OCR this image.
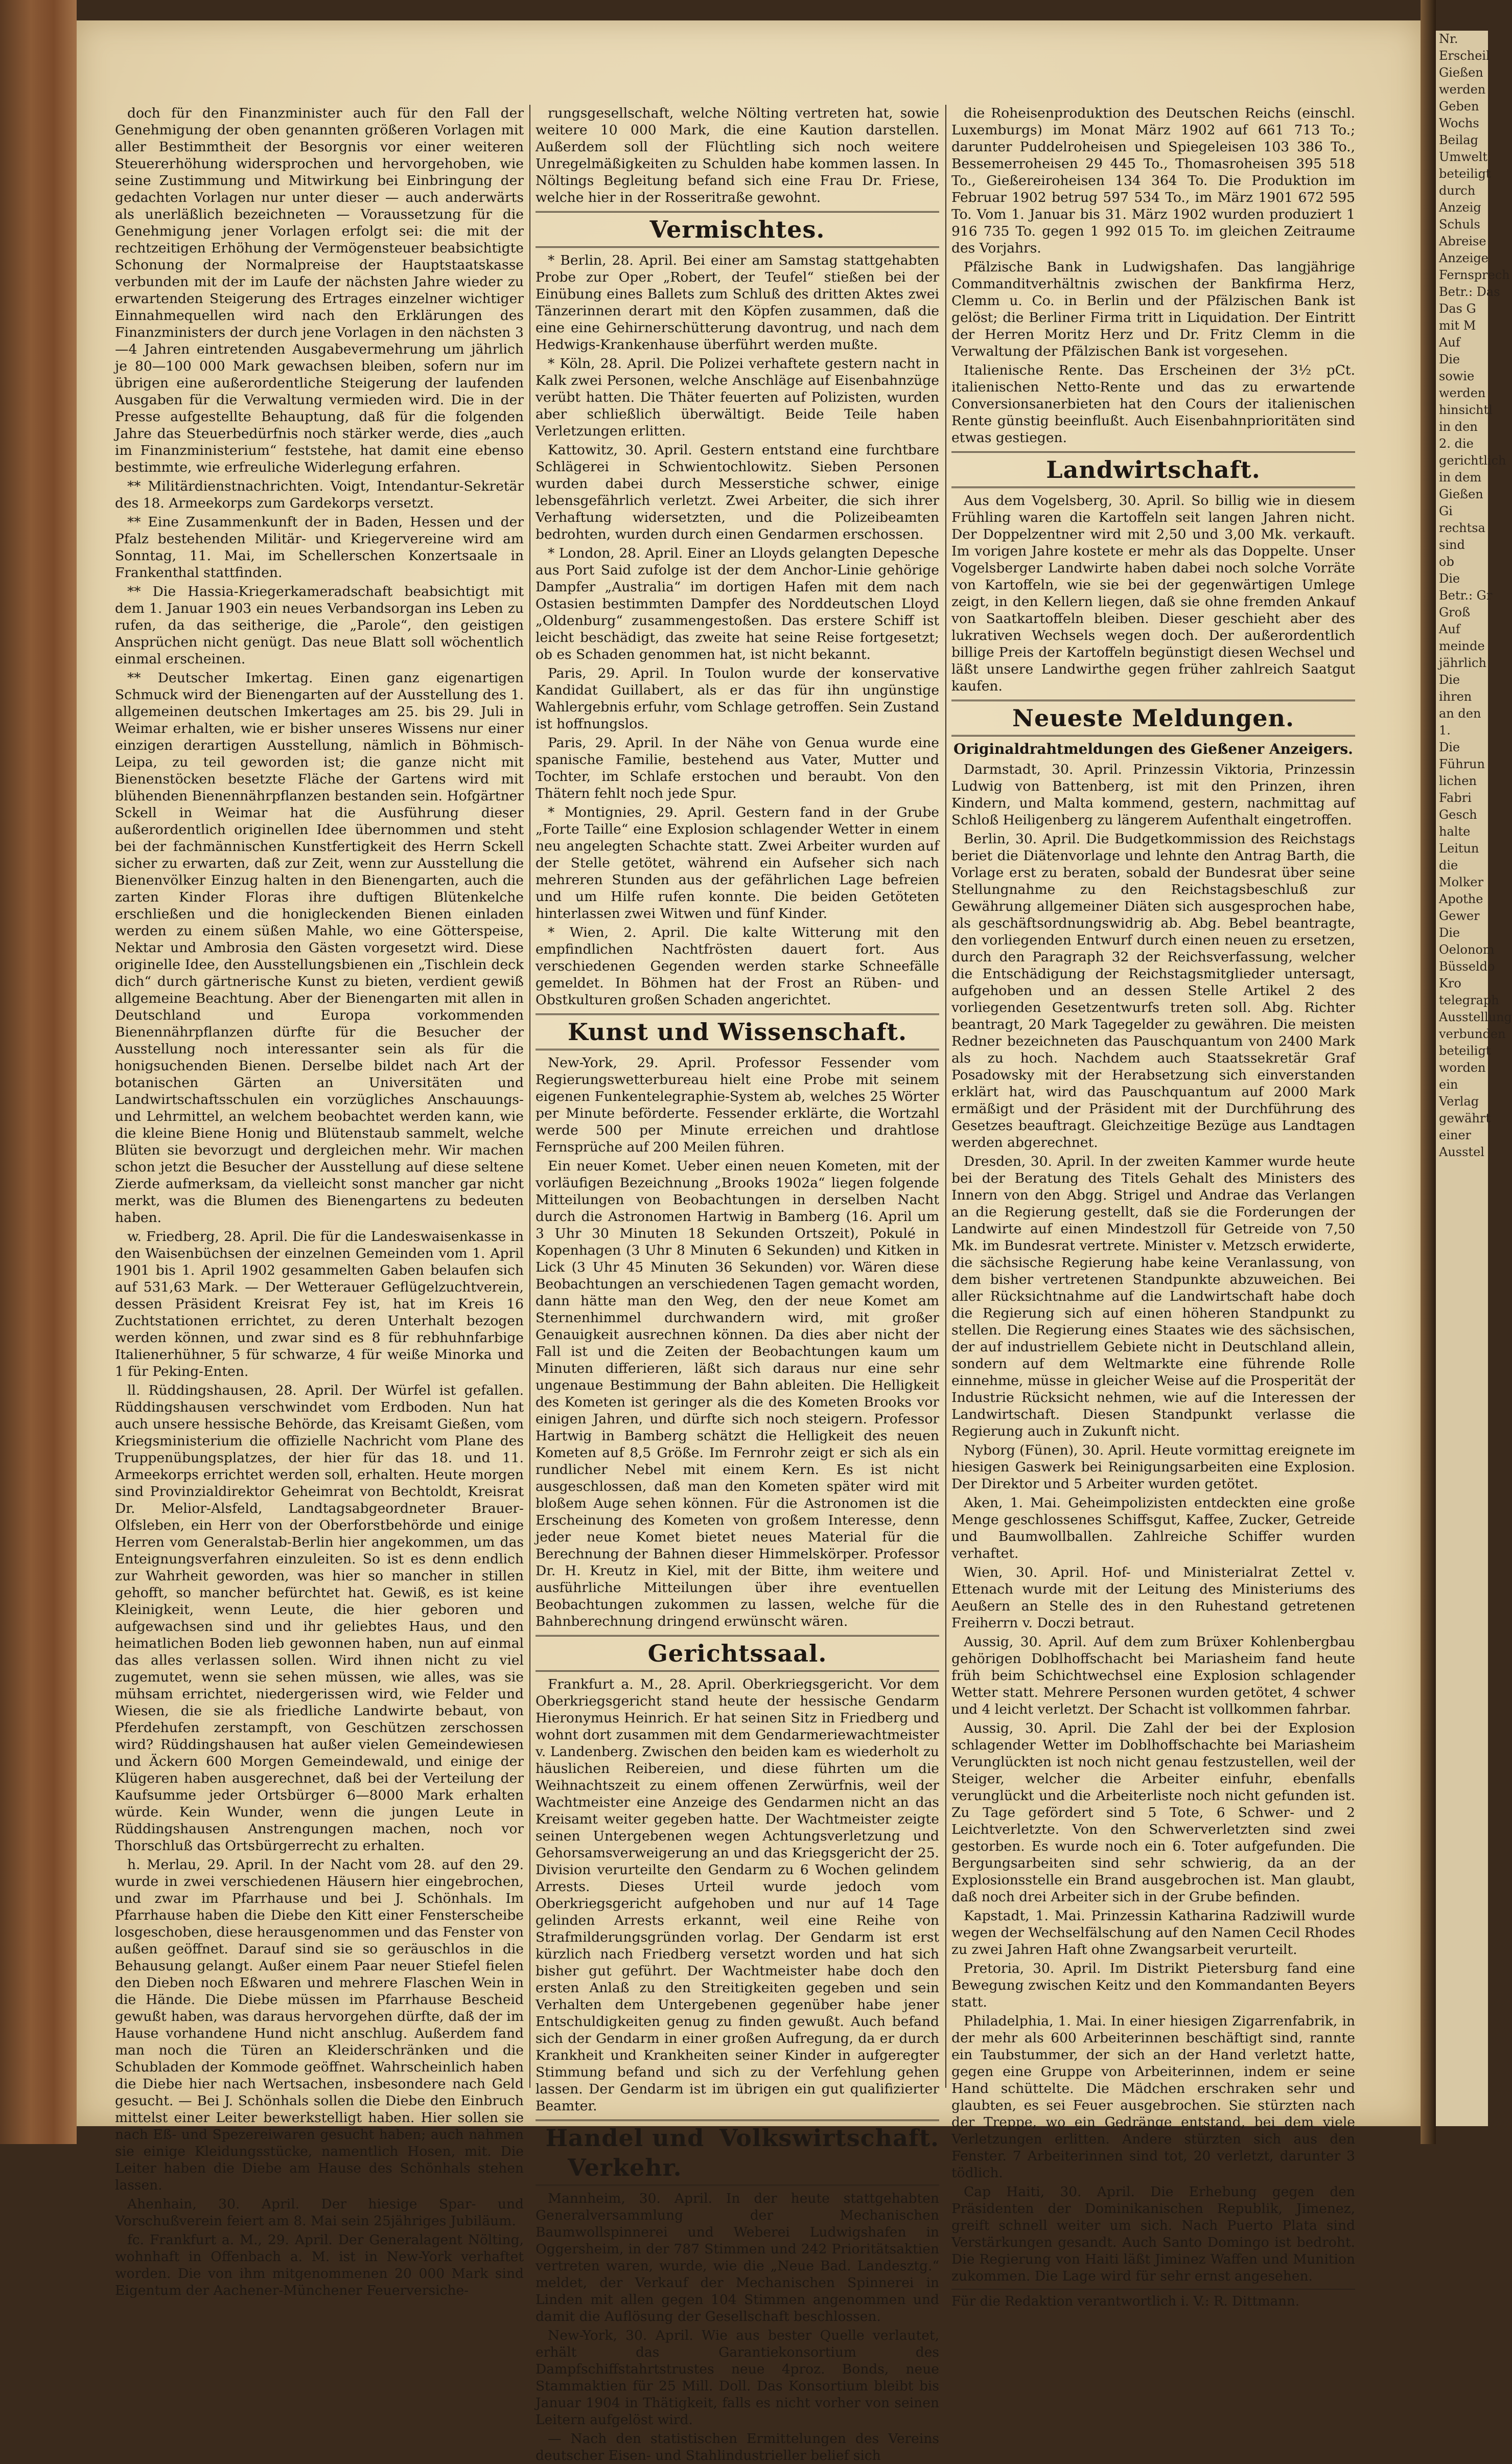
doch für den Finanzminister auch für den Fall der Genehmigung der oben genannten größeren Vorlagen mit aller Bestimmtheit der Besorgnis vor einer weiteren Steuererhöhung widersprochen und hervorgehoben, wie seine Zustimmung und Mitwirkung bei Einbringung der gedachten Vorlagen nur unter dieser — auch anderwärts als unerläßlich bezeichneten — Voraussetzung für die Genehmigung jener Vorlagen erfolgt sei: die mit der rechtzeitigen Erhöhung der Vermögensteuer beabsichtigte Schonung der Normalpreise der Hauptstaatskasse verbunden mit der im Laufe der nächsten Jahre wieder zu erwartenden Steigerung des Ertrages einzelner wichtiger Einnahmequellen wird nach den Erklärungen des Finanzministers der durch jene Vorlagen in den nächsten 3—4 Jahren eintretenden Ausgabevermehrung um jährlich je 80—100 000 Mark gewachsen bleiben, sofern nur im übrigen eine außerordentliche Steigerung der laufenden Ausgaben für die Verwaltung vermieden wird. Die in der Presse aufgestellte Behauptung, daß für die folgenden Jahre das Steuerbedürfnis noch stärker werde, dies „auch im Finanzministerium“ feststehe, hat damit eine ebenso bestimmte, wie erfreuliche Widerlegung erfahren.

** Militärdienstnachrichten. Voigt, Intendantur-Sekretär des 18. Armeekorps zum Gardekorps versetzt.

** Eine Zusammenkunft der in Baden, Hessen und der Pfalz bestehenden Militär- und Kriegervereine wird am Sonntag, 11. Mai, im Schellerschen Konzertsaale in Frankenthal stattfinden.

** Die Hassia-Kriegerkameradschaft beabsichtigt mit dem 1. Januar 1903 ein neues Verbandsorgan ins Leben zu rufen, da das seitherige, die „Parole“, den geistigen Ansprüchen nicht genügt. Das neue Blatt soll wöchentlich einmal erscheinen.

** Deutscher Imkertag. Einen ganz eigenartigen Schmuck wird der Bienengarten auf der Ausstellung des 1. allgemeinen deutschen Imkertages am 25. bis 29. Juli in Weimar erhalten, wie er bisher unseres Wissens nur einer einzigen derartigen Ausstellung, nämlich in Böhmisch-Leipa, zu teil geworden ist; die ganze nicht mit Bienenstöcken besetzte Fläche der Gartens wird mit blühenden Bienennährpflanzen bestanden sein. Hofgärtner Sckell in Weimar hat die Ausführung dieser außerordentlich originellen Idee übernommen und steht bei der fachmännischen Kunstfertigkeit des Herrn Sckell sicher zu erwarten, daß zur Zeit, wenn zur Ausstellung die Bienenvölker Einzug halten in den Bienengarten, auch die zarten Kinder Floras ihre duftigen Blütenkelche erschließen und die honigleckenden Bienen einladen werden zu einem süßen Mahle, wo eine Götterspeise, Nektar und Ambrosia den Gästen vorgesetzt wird. Diese originelle Idee, den Ausstellungsbienen ein „Tischlein deck dich“ durch gärtnerische Kunst zu bieten, verdient gewiß allgemeine Beachtung. Aber der Bienengarten mit allen in Deutschland und Europa vorkommenden Bienennährpflanzen dürfte für die Besucher der Ausstellung noch interessanter sein als für die honigsuchenden Bienen. Derselbe bildet nach Art der botanischen Gärten an Universitäten und Landwirtschaftsschulen ein vorzügliches Anschauungs- und Lehrmittel, an welchem beobachtet werden kann, wie die kleine Biene Honig und Blütenstaub sammelt, welche Blüten sie bevorzugt und dergleichen mehr. Wir machen schon jetzt die Besucher der Ausstellung auf diese seltene Zierde aufmerksam, da vielleicht sonst mancher gar nicht merkt, was die Blumen des Bienengartens zu bedeuten haben.

w. Friedberg, 28. April. Die für die Landeswaisenkasse in den Waisenbüchsen der einzelnen Gemeinden vom 1. April 1901 bis 1. April 1902 gesammelten Gaben belaufen sich auf 531,63 Mark. — Der Wetterauer Geflügelzuchtverein, dessen Präsident Kreisrat Fey ist, hat im Kreis 16 Zuchtstationen errichtet, zu deren Unterhalt bezogen werden können, und zwar sind es 8 für rebhuhnfarbige Italienerhühner, 5 für schwarze, 4 für weiße Minorka und 1 für Peking-Enten.

ll. Rüddingshausen, 28. April. Der Würfel ist gefallen. Rüddingshausen verschwindet vom Erdboden. Nun hat auch unsere hessische Behörde, das Kreisamt Gießen, vom Kriegsministerium die offizielle Nachricht vom Plane des Truppenübungsplatzes, der hier für das 18. und 11. Armeekorps errichtet werden soll, erhalten. Heute morgen sind Provinzialdirektor Geheimrat von Bechtoldt, Kreisrat Dr. Melior-Alsfeld, Landtagsabgeordneter Brauer-Olfsleben, ein Herr von der Oberforstbehörde und einige Herren vom Generalstab-Berlin hier angekommen, um das Enteignungsverfahren einzuleiten. So ist es denn endlich zur Wahrheit geworden, was hier so mancher in stillen gehofft, so mancher befürchtet hat. Gewiß, es ist keine Kleinigkeit, wenn Leute, die hier geboren und aufgewachsen sind und ihr geliebtes Haus, und den heimatlichen Boden lieb gewonnen haben, nun auf einmal das alles verlassen sollen. Wird ihnen nicht zu viel zugemutet, wenn sie sehen müssen, wie alles, was sie mühsam errichtet, niedergerissen wird, wie Felder und Wiesen, die sie als friedliche Landwirte bebaut, von Pferdehufen zerstampft, von Geschützen zerschossen wird? Rüddingshausen hat außer vielen Gemeindewiesen und Äckern 600 Morgen Gemeindewald, und einige der Klügeren haben ausgerechnet, daß bei der Verteilung der Kaufsumme jeder Ortsbürger 6—8000 Mark erhalten würde. Kein Wunder, wenn die jungen Leute in Rüddingshausen Anstrengungen machen, noch vor Thorschluß das Ortsbürgerrecht zu erhalten.

h. Merlau, 29. April. In der Nacht vom 28. auf den 29. wurde in zwei verschiedenen Häusern hier eingebrochen, und zwar im Pfarrhause und bei J. Schönhals. Im Pfarrhause haben die Diebe den Kitt einer Fensterscheibe losgeschoben, diese herausgenommen und das Fenster von außen geöffnet. Darauf sind sie so geräuschlos in die Behausung gelangt. Außer einem Paar neuer Stiefel fielen den Dieben noch Eßwaren und mehrere Flaschen Wein in die Hände. Die Diebe müssen im Pfarrhause Bescheid gewußt haben, was daraus hervorgehen dürfte, daß der im Hause vorhandene Hund nicht anschlug. Außerdem fand man noch die Türen an Kleiderschränken und die Schubladen der Kommode geöffnet. Wahrscheinlich haben die Diebe hier nach Wertsachen, insbesondere nach Geld gesucht. — Bei J. Schönhals sollen die Diebe den Einbruch mittelst einer Leiter bewerkstelligt haben. Hier sollen sie nach Eß- und Spezereiwaren gesucht haben; auch nahmen sie einige Kleidungsstücke, namentlich Hosen, mit. Die Leiter haben die Diebe am Hause des Schönhals stehen lassen.

Ahenhain, 30. April. Der hiesige Spar- und Vorschußverein feiert am 8. Mai sein 25jähriges Jubiläum.

fc. Frankfurt a. M., 29. April. Der Generalagent Nölting, wohnhaft in Offenbach a. M. ist in New-York verhaftet worden. Die von ihm mitgenommenen 20 000 Mark sind Eigentum der Aachener-Münchener Feuerversiche-

rungsgesellschaft, welche Nölting vertreten hat, sowie weitere 10 000 Mark, die eine Kaution darstellen. Außerdem soll der Flüchtling sich noch weitere Unregelmäßigkeiten zu Schulden habe kommen lassen. In Nöltings Begleitung befand sich eine Frau Dr. Friese, welche hier in der Rosseritraße gewohnt.

Vermischtes.

* Berlin, 28. April. Bei einer am Samstag stattgehabten Probe zur Oper „Robert, der Teufel“ stießen bei der Einübung eines Ballets zum Schluß des dritten Aktes zwei Tänzerinnen derart mit den Köpfen zusammen, daß die eine eine Gehirnerschütterung davontrug, und nach dem Hedwigs-Krankenhause überführt werden mußte.

* Köln, 28. April. Die Polizei verhaftete gestern nacht in Kalk zwei Personen, welche Anschläge auf Eisenbahnzüge verübt hatten. Die Thäter feuerten auf Polizisten, wurden aber schließlich überwältigt. Beide Teile haben Verletzungen erlitten.

Kattowitz, 30. April. Gestern entstand eine furchtbare Schlägerei in Schwientochlowitz. Sieben Personen wurden dabei durch Messerstiche schwer, einige lebensgefährlich verletzt. Zwei Arbeiter, die sich ihrer Verhaftung widersetzten, und die Polizeibeamten bedrohten, wurden durch einen Gendarmen erschossen.

* London, 28. April. Einer an Lloyds gelangten Depesche aus Port Said zufolge ist der dem Anchor-Linie gehörige Dampfer „Australia“ im dortigen Hafen mit dem nach Ostasien bestimmten Dampfer des Norddeutschen Lloyd „Oldenburg“ zusammengestoßen. Das erstere Schiff ist leicht beschädigt, das zweite hat seine Reise fortgesetzt; ob es Schaden genommen hat, ist nicht bekannt.

Paris, 29. April. In Toulon wurde der konservative Kandidat Guillabert, als er das für ihn ungünstige Wahlergebnis erfuhr, vom Schlage getroffen. Sein Zustand ist hoffnungslos.

Paris, 29. April. In der Nähe von Genua wurde eine spanische Familie, bestehend aus Vater, Mutter und Tochter, im Schlafe erstochen und beraubt. Von den Thätern fehlt noch jede Spur.

* Montignies, 29. April. Gestern fand in der Grube „Forte Taille“ eine Explosion schlagender Wetter in einem neu angelegten Schachte statt. Zwei Arbeiter wurden auf der Stelle getötet, während ein Aufseher sich nach mehreren Stunden aus der gefährlichen Lage befreien und um Hilfe rufen konnte. Die beiden Getöteten hinterlassen zwei Witwen und fünf Kinder.

* Wien, 2. April. Die kalte Witterung mit den empfindlichen Nachtfrösten dauert fort. Aus verschiedenen Gegenden werden starke Schneefälle gemeldet. In Böhmen hat der Frost an Rüben- und Obstkulturen großen Schaden angerichtet.

Kunst und Wissenschaft.

New-York, 29. April. Professor Fessender vom Regierungswetterbureau hielt eine Probe mit seinem eigenen Funkentelegraphie-System ab, welches 25 Wörter per Minute beförderte. Fessender erklärte, die Wortzahl werde 500 per Minute erreichen und drahtlose Fernsprüche auf 200 Meilen führen.

Ein neuer Komet. Ueber einen neuen Kometen, mit der vorläufigen Bezeichnung „Brooks 1902a“ liegen folgende Mitteilungen von Beobachtungen in derselben Nacht durch die Astronomen Hartwig in Bamberg (16. April um 3 Uhr 30 Minuten 18 Sekunden Ortszeit), Pokulé in Kopenhagen (3 Uhr 8 Minuten 6 Sekunden) und Kitken in Lick (3 Uhr 45 Minuten 36 Sekunden) vor. Wären diese Beobachtungen an verschiedenen Tagen gemacht worden, dann hätte man den Weg, den der neue Komet am Sternenhimmel durchwandern wird, mit großer Genauigkeit ausrechnen können. Da dies aber nicht der Fall ist und die Zeiten der Beobachtungen kaum um Minuten differieren, läßt sich daraus nur eine sehr ungenaue Bestimmung der Bahn ableiten. Die Helligkeit des Kometen ist geringer als die des Kometen Brooks vor einigen Jahren, und dürfte sich noch steigern. Professor Hartwig in Bamberg schätzt die Helligkeit des neuen Kometen auf 8,5 Größe. Im Fernrohr zeigt er sich als ein rundlicher Nebel mit einem Kern. Es ist nicht ausgeschlossen, daß man den Kometen später wird mit bloßem Auge sehen können. Für die Astronomen ist die Erscheinung des Kometen von großem Interesse, denn jeder neue Komet bietet neues Material für die Berechnung der Bahnen dieser Himmelskörper. Professor Dr. H. Kreutz in Kiel, mit der Bitte, ihm weitere und ausführliche Mitteilungen über ihre eventuellen Beobachtungen zukommen zu lassen, welche für die Bahnberechnung dringend erwünscht wären.

Gerichtssaal.

Frankfurt a. M., 28. April. Oberkriegsgericht. Vor dem Oberkriegsgericht stand heute der hessische Gendarm Hieronymus Heinrich. Er hat seinen Sitz in Friedberg und wohnt dort zusammen mit dem Gendarmeriewachtmeister v. Landenberg. Zwischen den beiden kam es wiederholt zu häuslichen Reibereien, und diese führten um die Weihnachtszeit zu einem offenen Zerwürfnis, weil der Wachtmeister eine Anzeige des Gendarmen nicht an das Kreisamt weiter gegeben hatte. Der Wachtmeister zeigte seinen Untergebenen wegen Achtungsverletzung und Gehorsamsverweigerung an und das Kriegsgericht der 25. Division verurteilte den Gendarm zu 6 Wochen gelindem Arrests. Dieses Urteil wurde jedoch vom Oberkriegsgericht aufgehoben und nur auf 14 Tage gelinden Arrests erkannt, weil eine Reihe von Strafmilderungsgründen vorlag. Der Gendarm ist erst kürzlich nach Friedberg versetzt worden und hat sich bisher gut geführt. Der Wachtmeister habe doch den ersten Anlaß zu den Streitigkeiten gegeben und sein Verhalten dem Untergebenen gegenüber habe jener Entschuldigkeiten genug zu finden gewußt. Auch befand sich der Gendarm in einer großen Aufregung, da er durch Krankheit und Krankheiten seiner Kinder in aufgeregter Stimmung befand und sich zu der Verfehlung gehen lassen. Der Gendarm ist im übrigen ein gut qualifizierter Beamter.

Handel und Verkehr.
Volkswirtschaft.

Mannheim, 30. April. In der heute stattgehabten Generalversammlung der Mechanischen Baumwollspinnerei und Weberei Ludwigshafen in Oggersheim, in der 787 Stimmen und 242 Prioritätsaktien vertreten waren, wurde, wie die „Neue Bad. Landesztg.“ meldet, der Verkauf der Mechanischen Spinnerei in Linden mit allen gegen 104 Stimmen angenommen und damit die Auflösung der Gesellschaft beschlossen.

New-York, 30. April. Wie aus bester Quelle verlautet, erhält das Garantiekonsortium des Dampfschiffstahrtstrustes neue 4proz. Bonds, neue Stammaktien für 25 Mill. Doll. Das Konsortium bleibt bis Januar 1904 in Thätigkeit, falls es nicht vorher von seinen Leitern aufgelöst wird.

— Nach den statistischen Ermittelungen des Vereins deutscher Eisen- und Stahlindustrieller belief sich

die Roheisenproduktion des Deutschen Reichs (einschl. Luxemburgs) im Monat März 1902 auf 661 713 To.; darunter Puddelroheisen und Spiegeleisen 103 386 To., Bessemerroheisen 29 445 To., Thomasroheisen 395 518 To., Gießereiroheisen 134 364 To. Die Produktion im Februar 1902 betrug 597 534 To., im März 1901 672 595 To. Vom 1. Januar bis 31. März 1902 wurden produziert 1 916 735 To. gegen 1 992 015 To. im gleichen Zeitraume des Vorjahrs.

Pfälzische Bank in Ludwigshafen. Das langjährige Commanditverhältnis zwischen der Bankfirma Herz, Clemm u. Co. in Berlin und der Pfälzischen Bank ist gelöst; die Berliner Firma tritt in Liquidation. Der Eintritt der Herren Moritz Herz und Dr. Fritz Clemm in die Verwaltung der Pfälzischen Bank ist vorgesehen.

Italienische Rente. Das Erscheinen der 3½ pCt. italienischen Netto-Rente und das zu erwartende Conversionsanerbieten hat den Cours der italienischen Rente günstig beeinflußt. Auch Eisenbahnprioritäten sind etwas gestiegen.

Landwirtschaft.

Aus dem Vogelsberg, 30. April. So billig wie in diesem Frühling waren die Kartoffeln seit langen Jahren nicht. Der Doppelzentner wird mit 2,50 und 3,00 Mk. verkauft. Im vorigen Jahre kostete er mehr als das Doppelte. Unser Vogelsberger Landwirte haben dabei noch solche Vorräte von Kartoffeln, wie sie bei der gegenwärtigen Umlege zeigt, in den Kellern liegen, daß sie ohne fremden Ankauf von Saatkartoffeln bleiben. Dieser geschieht aber des lukrativen Wechsels wegen doch. Der außerordentlich billige Preis der Kartoffeln begünstigt diesen Wechsel und läßt unsere Landwirthe gegen früher zahlreich Saatgut kaufen.

Neueste Meldungen.
Originaldrahtmeldungen des Gießener Anzeigers.

Darmstadt, 30. April. Prinzessin Viktoria, Prinzessin Ludwig von Battenberg, ist mit den Prinzen, ihren Kindern, und Malta kommend, gestern, nachmittag auf Schloß Heiligenberg zu längerem Aufenthalt eingetroffen.

Berlin, 30. April. Die Budgetkommission des Reichstags beriet die Diätenvorlage und lehnte den Antrag Barth, die Vorlage erst zu beraten, sobald der Bundesrat über seine Stellungnahme zu den Reichstagsbeschluß zur Gewährung allgemeiner Diäten sich ausgesprochen habe, als geschäftsordnungswidrig ab. Abg. Bebel beantragte, den vorliegenden Entwurf durch einen neuen zu ersetzen, durch den Paragraph 32 der Reichsverfassung, welcher die Entschädigung der Reichstagsmitglieder untersagt, aufgehoben und an dessen Stelle Artikel 2 des vorliegenden Gesetzentwurfs treten soll. Abg. Richter beantragt, 20 Mark Tagegelder zu gewähren. Die meisten Redner bezeichneten das Pauschquantum von 2400 Mark als zu hoch. Nachdem auch Staatssekretär Graf Posadowsky mit der Herabsetzung sich einverstanden erklärt hat, wird das Pauschquantum auf 2000 Mark ermäßigt und der Präsident mit der Durchführung des Gesetzes beauftragt. Gleichzeitige Bezüge aus Landtagen werden abgerechnet.

Dresden, 30. April. In der zweiten Kammer wurde heute bei der Beratung des Titels Gehalt des Ministers des Innern von den Abgg. Strigel und Andrae das Verlangen an die Regierung gestellt, daß sie die Forderungen der Landwirte auf einen Mindestzoll für Getreide von 7,50 Mk. im Bundesrat vertrete. Minister v. Metzsch erwiderte, die sächsische Regierung habe keine Veranlassung, von dem bisher vertretenen Standpunkte abzuweichen. Bei aller Rücksichtnahme auf die Landwirtschaft habe doch die Regierung sich auf einen höheren Standpunkt zu stellen. Die Regierung eines Staates wie des sächsischen, der auf industriellem Gebiete nicht in Deutschland allein, sondern auf dem Weltmarkte eine führende Rolle einnehme, müsse in gleicher Weise auf die Prosperität der Industrie Rücksicht nehmen, wie auf die Interessen der Landwirtschaft. Diesen Standpunkt verlasse die Regierung auch in Zukunft nicht.

Nyborg (Fünen), 30. April. Heute vormittag ereignete im hiesigen Gaswerk bei Reinigungsarbeiten eine Explosion. Der Direktor und 5 Arbeiter wurden getötet.

Aken, 1. Mai. Geheimpolizisten entdeckten eine große Menge geschlossenes Schiffsgut, Kaffee, Zucker, Getreide und Baumwollballen. Zahlreiche Schiffer wurden verhaftet.

Wien, 30. April. Hof- und Ministerialrat Zettel v. Ettenach wurde mit der Leitung des Ministeriums des Aeußern an Stelle des in den Ruhestand getretenen Freiherrn v. Doczi betraut.

Aussig, 30. April. Auf dem zum Brüxer Kohlenbergbau gehörigen Doblhoffschacht bei Mariasheim fand heute früh beim Schichtwechsel eine Explosion schlagender Wetter statt. Mehrere Personen wurden getötet, 4 schwer und 4 leicht verletzt. Der Schacht ist vollkommen fahrbar.

Aussig, 30. April. Die Zahl der bei der Explosion schlagender Wetter im Doblhoffschachte bei Mariasheim Verunglückten ist noch nicht genau festzustellen, weil der Steiger, welcher die Arbeiter einfuhr, ebenfalls verunglückt und die Arbeiterliste noch nicht gefunden ist. Zu Tage gefördert sind 5 Tote, 6 Schwer- und 2 Leichtverletzte. Von den Schwerverletzten sind zwei gestorben. Es wurde noch ein 6. Toter aufgefunden. Die Bergungsarbeiten sind sehr schwierig, da an der Explosionsstelle ein Brand ausgebrochen ist. Man glaubt, daß noch drei Arbeiter sich in der Grube befinden.

Kapstadt, 1. Mai. Prinzessin Katharina Radziwill wurde wegen der Wechselfälschung auf den Namen Cecil Rhodes zu zwei Jahren Haft ohne Zwangsarbeit verurteilt.

Pretoria, 30. April. Im Distrikt Pietersburg fand eine Bewegung zwischen Keitz und den Kommandanten Beyers statt.

Philadelphia, 1. Mai. In einer hiesigen Zigarrenfabrik, in der mehr als 600 Arbeiterinnen beschäftigt sind, rannte ein Taubstummer, der sich an der Hand verletzt hatte, gegen eine Gruppe von Arbeiterinnen, indem er seine Hand schüttelte. Die Mädchen erschraken sehr und glaubten, es sei Feuer ausgebrochen. Sie stürzten nach der Treppe, wo ein Gedränge entstand, bei dem viele Verletzungen erlitten. Andere stürzten sich aus den Fenster. 7 Arbeiterinnen sind tot, 20 verletzt, darunter 3 tödlich.

Cap Haiti, 30. April. Die Erhebung gegen den Präsidenten der Dominikanischen Republik, Jimenez, greift schnell weiter um sich. Nach Puerto Plata sind Verstärkungen gesandt. Auch Santo Domingo ist bedroht. Die Regierung von Haiti läßt Jiminez Waffen und Munition zukommen. Die Lage wird für sehr ernst angesehen.

Für die Redaktion verantwortlich i. V.: R. Dittmann.
Nr.
Erscheil
Gießen
werden
Geben
Wochs
Beilag
Umwelt
beteiligt
durch
Anzeig
Schuls
Abreise
Anzeige
Fernsprech
Betr.: Das
Das G
mit M
Auf
Die
sowie
werden
hinsichtl
in den
2. die
gerichtlich
in dem
Gießen
Gi
rechtsa
sind
ob
Die
Betr.: Gr
Groß
Auf
meinde
jährlich
Die
ihren
an den
1.
Die
Führun
lichen
Fabri
Gesch
halte
Leitun
die
Molker
Apothe
Gewer
Die
Oelonom
Büsseldo
Kro
telegraph
Ausstellung
verbunden
beteiligt
worden
ein
Verlag
gewährt
einer
Ausstel
